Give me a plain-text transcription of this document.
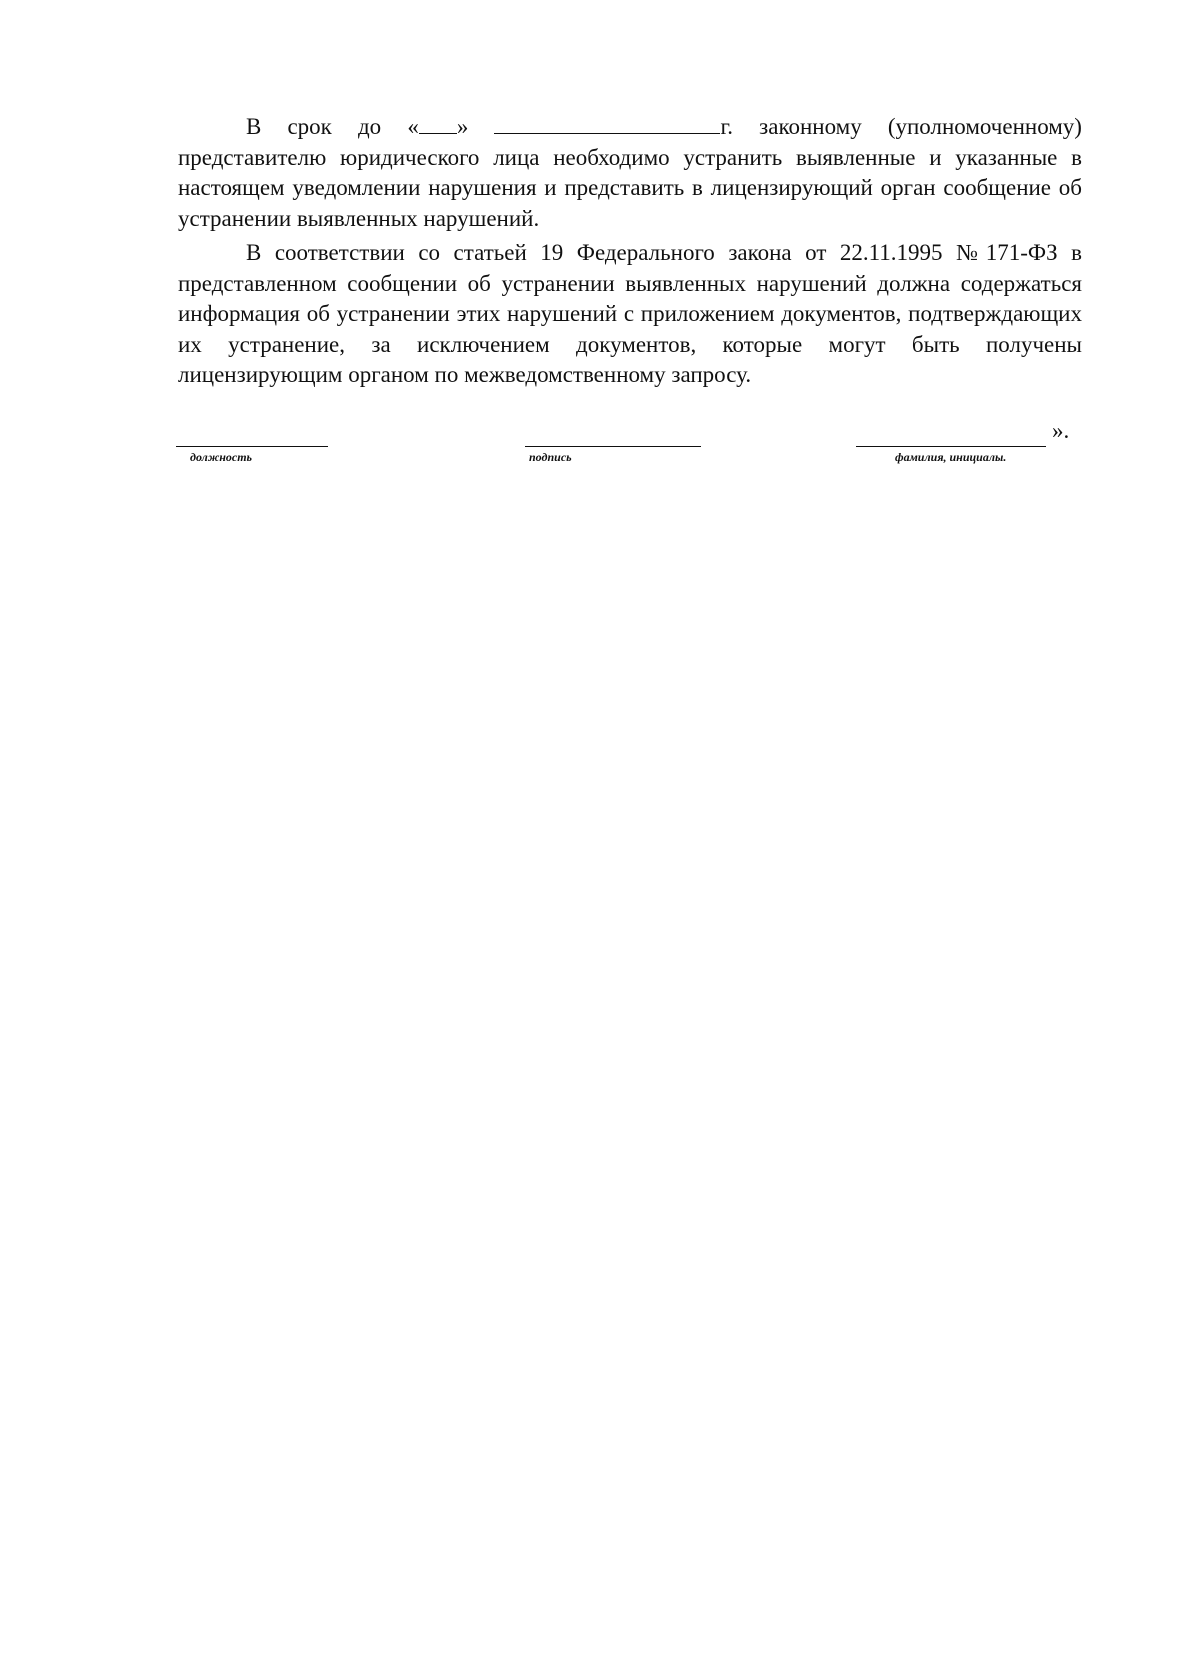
В срок до « »	г. законному (уполномоченному)

представителю юридического лица необходимо устранить выявленные и указанные в настоящем уведомлении нарушения и представить в лицензирующий орган сообщение об устранении выявленных нарушений.

В соответствии со статьей 19 Федерального закона от 22.11.1995 №171-ФЗ в представленном сообщении об устранении выявленных нарушений должна содержаться информация об устранении этих нарушений с приложением документов, подтверждающих их устранение, за исключением документов, которые могут быть получены лицензирующим органом по межведомственному запросу.

должность	подпись
».
фамилия, инициалы.
